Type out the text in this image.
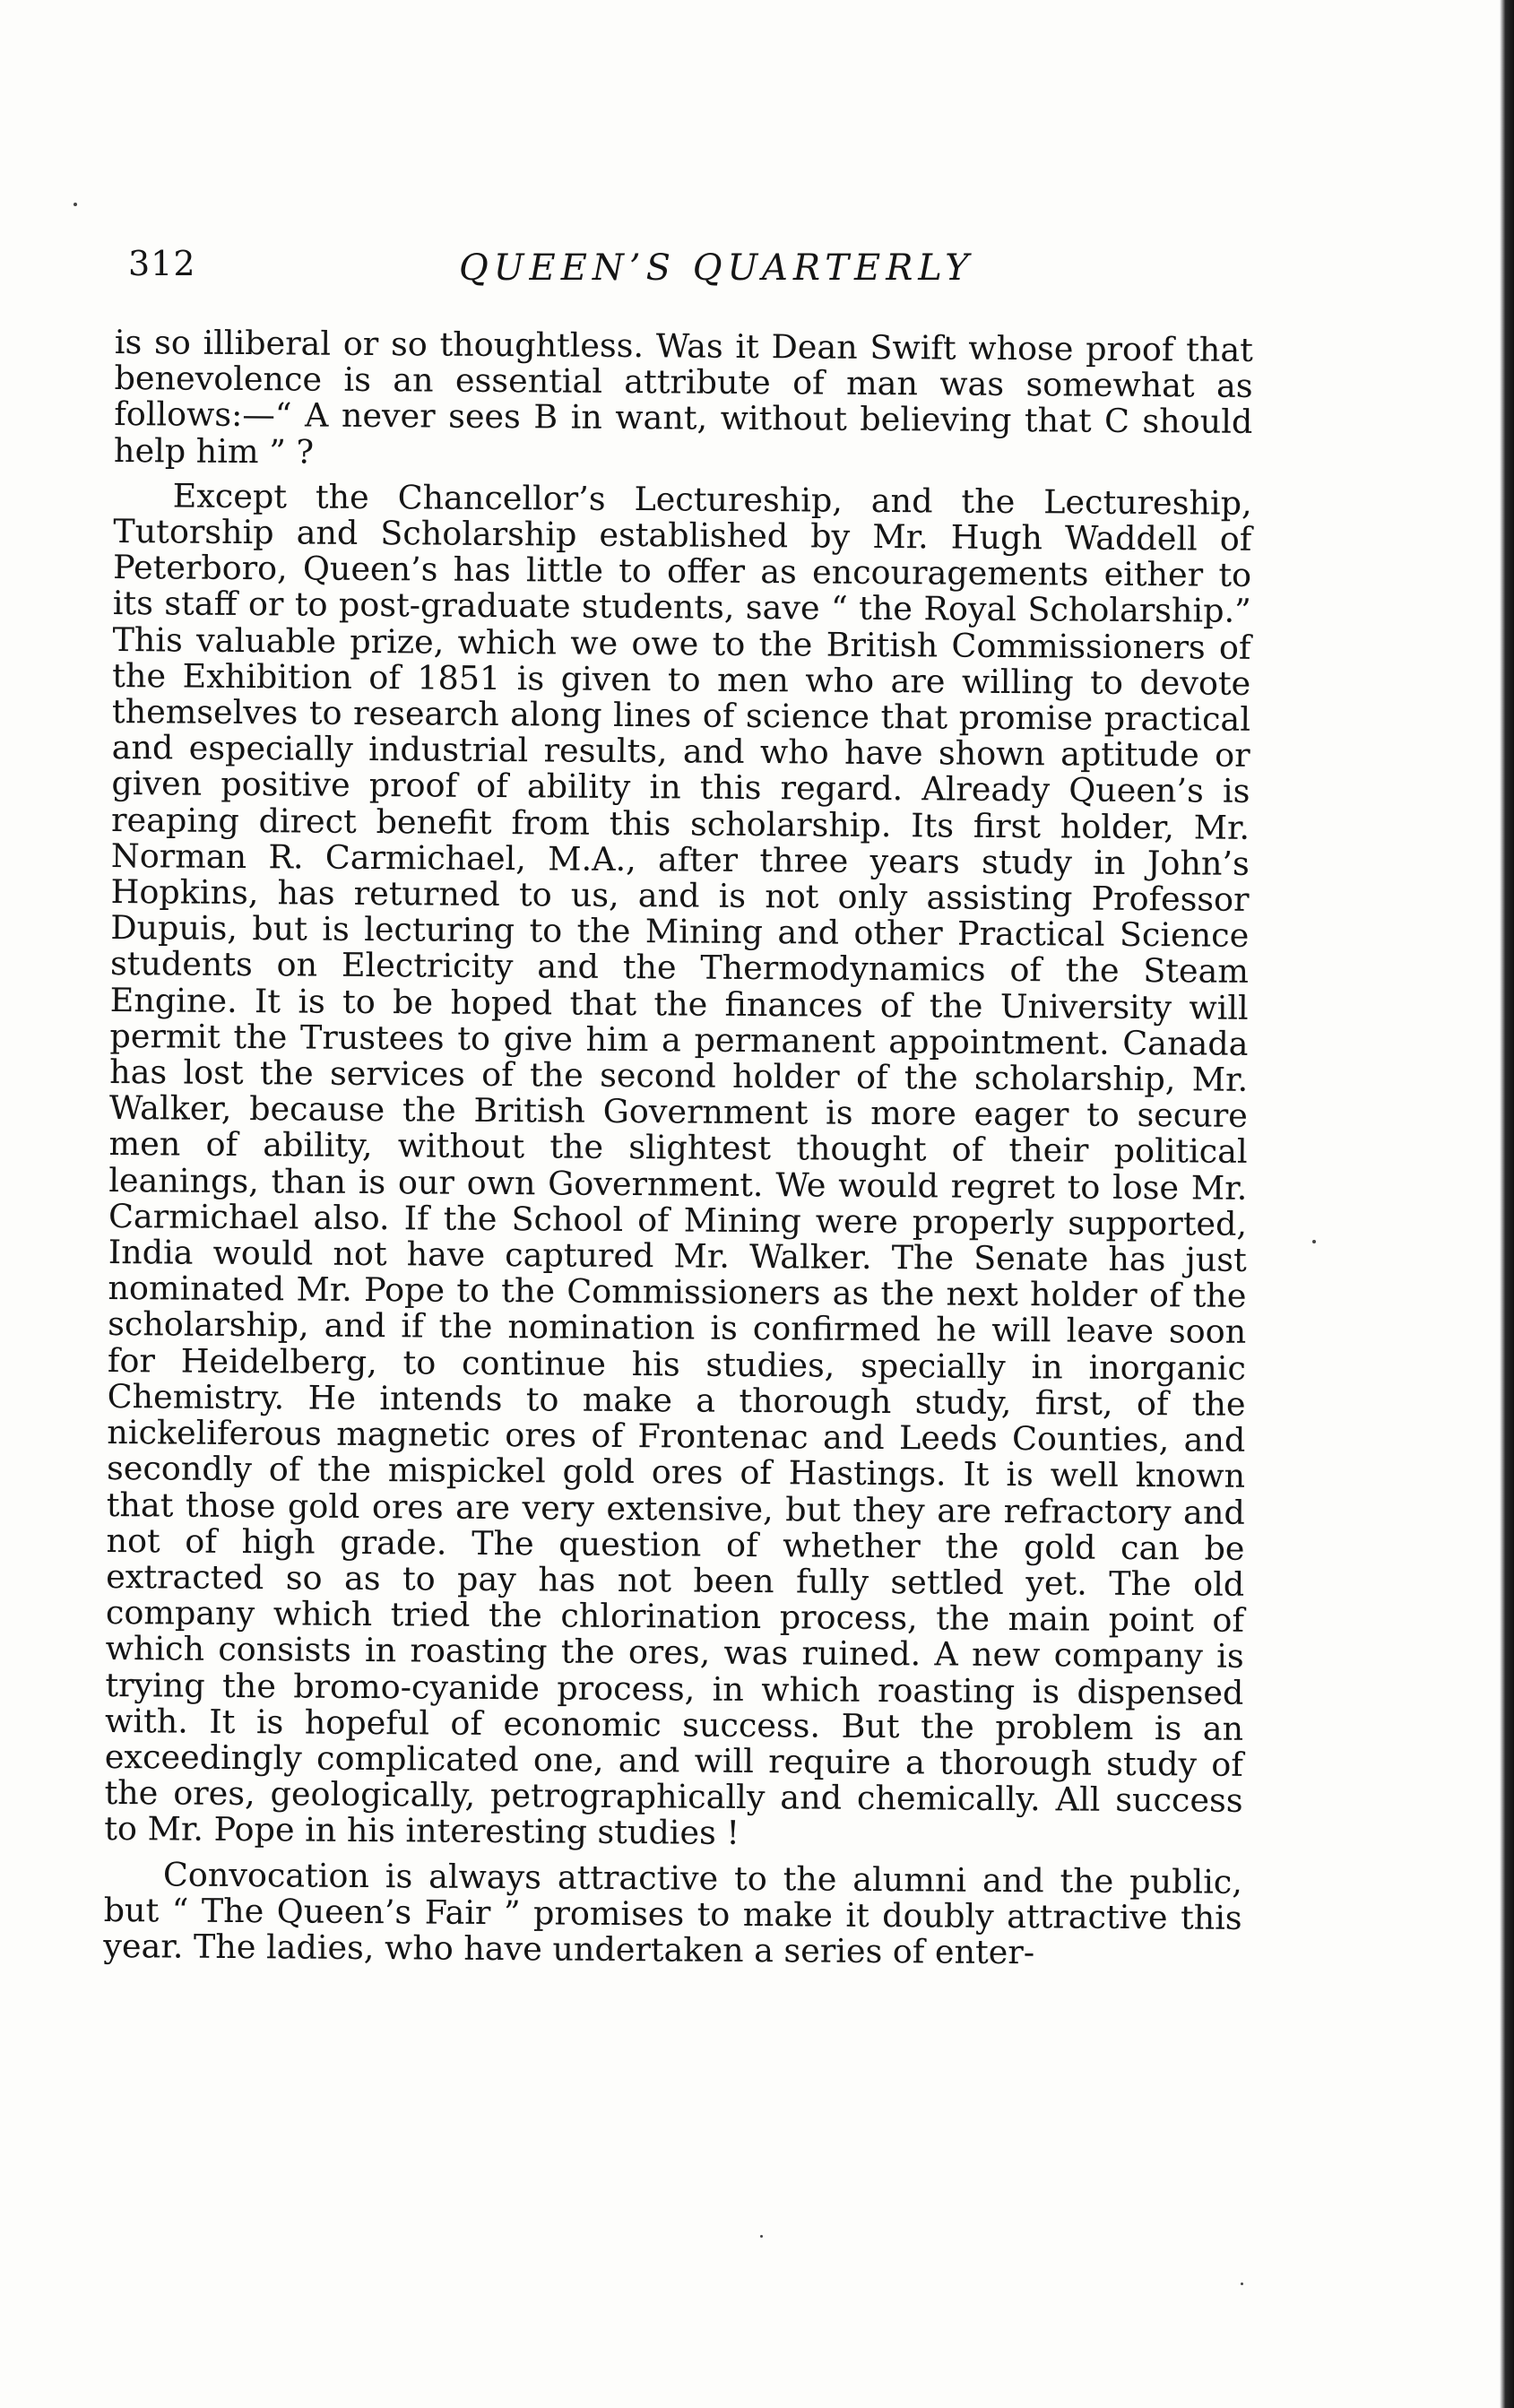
312	QUEEN’S QUARTERLY

is so illiberal or so thoughtless. Was it Dean Swift whose proof that benevolence is an essential attribute of man was somewhat as follows:—“ A never sees B in want, without believing that C should help him ” ?

Except the Chancellor’s Lectureship, and the Lectureship, Tutorship and Scholarship established by Mr. Hugh Waddell of Peterboro, Queen’s has little to offer as encouragements either to its staff or to post-graduate students, save “ the Royal Scholarship.” This valuable prize, which we owe to the British Commissioners of the Exhibition of 1851 is given to men who are willing to devote themselves to research along lines of science that promise practical and especially industrial results, and who have shown aptitude or given positive proof of ability in this regard. Already Queen’s is reaping direct benefit from this scholarship. Its first holder, Mr. Norman R. Carmichael, M.A., after three years study in John’s Hopkins, has returned to us, and is not only assisting Professor Dupuis, but is lecturing to the Mining and other Practical Science students on Electricity and the Thermodynamics of the Steam Engine. It is to be hoped that the finances of the University will permit the Trustees to give him a permanent appointment. Canada has lost the services of the second holder of the scholarship, Mr. Walker, because the British Government is more eager to secure men of ability, without the slightest thought of their political leanings, than is our own Government. We would regret to lose Mr. Carmichael also. If the School of Mining were properly supported, India would not have captured Mr. Walker. The Senate has just nominated Mr. Pope to the Commissioners as the next holder of the scholarship, and if the nomination is confirmed he will leave soon for Heidelberg, to continue his studies, specially in inorganic Chemistry. He intends to make a thorough study, first, of the nickeliferous magnetic ores of Frontenac and Leeds Counties, and secondly of the mispickel gold ores of Hastings. It is well known that those gold ores are very extensive, but they are refractory and not of high grade. The question of whether the gold can be extracted so as to pay has not been fully settled yet. The old company which tried the chlorination process, the main point of which consists in roasting the ores, was ruined. A new company is trying the bromo-cyanide process, in which roasting is dispensed with. It is hopeful of economic success. But the problem is an exceedingly complicated one, and will require a thorough study of the ores, geologically, petrographically and chemically. All success to Mr. Pope in his interesting studies !

Convocation is always attractive to the alumni and the public, but “ The Queen’s Fair ” promises to make it doubly attractive this year. The ladies, who have undertaken a series of enter-
